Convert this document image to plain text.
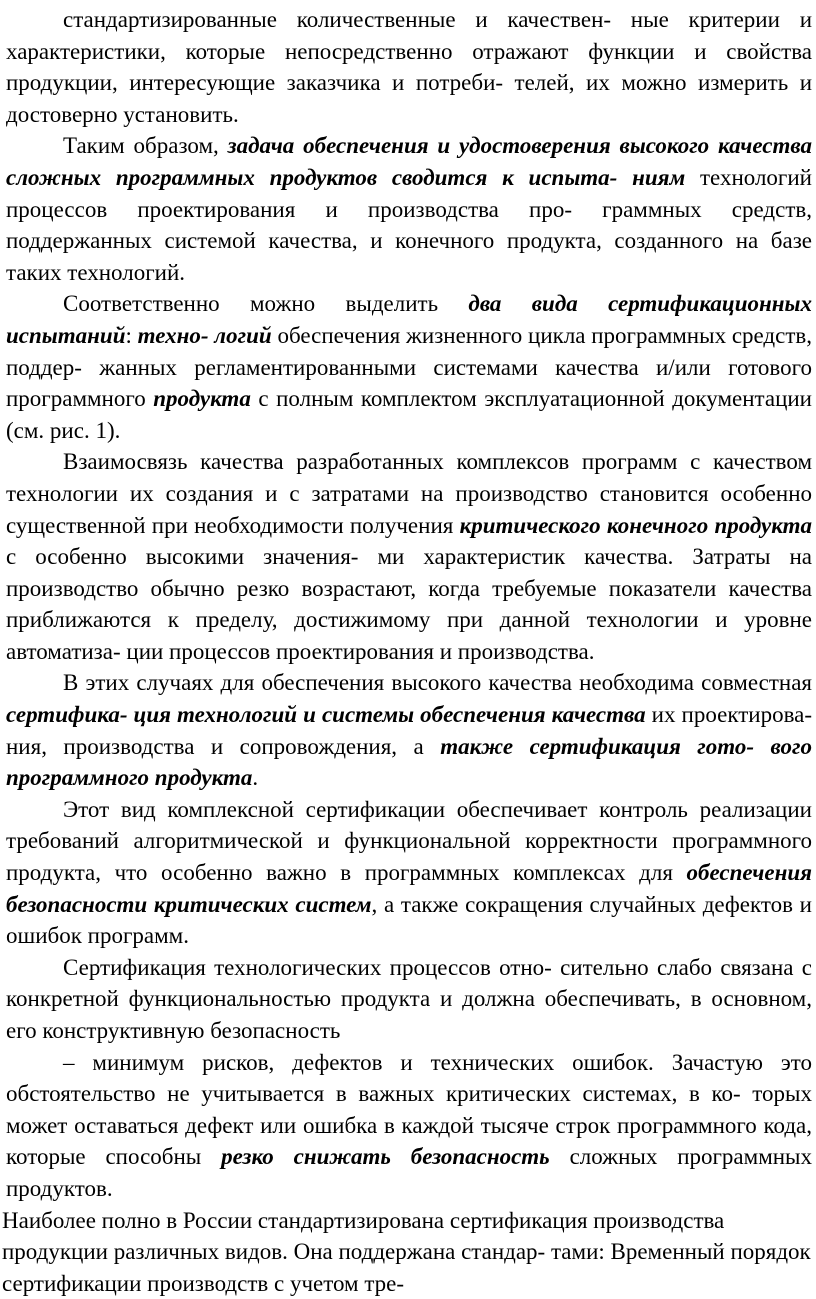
стандартизированные количественные и качествен- ные критерии и характеристики, которые непосредственно отражают функции и свойства продукции, интересующие заказчика и потреби- телей, их можно измерить и достоверно установить.

Таким образом, задача обеспечения и удостоверения высокого качества сложных программных продуктов сводится к испыта- ниям технологий процессов проектирования и производства про- граммных средств, поддержанных системой качества, и конечного продукта, созданного на базе таких технологий.

Соответственно можно выделить два вида сертификационных испытаний: техно- логий обеспечения жизненного цикла программных средств, поддер- жанных регламентированными системами качества и/или готового программного продукта с полным комплектом эксплуатационной документации (см. рис. 1).

Взаимосвязь качества разработанных комплексов программ с качеством технологии их создания и с затратами на производство становится особенно существенной при необходимости получения критического конечного продукта с особенно высокими значения- ми характеристик качества. Затраты на производство обычно резко возрастают, когда требуемые показатели качества приближаются к пределу, достижимому при данной технологии и уровне автоматиза- ции процессов проектирования и производства.

В этих случаях для обеспечения высокого качества необходима совместная сертифика- ция технологий и системы обеспечения качества их проектирова- ния, производства и сопровождения, а также сертификация гото- вого программного продукта.

Этот вид комплексной сертификации обеспечивает контроль реализации требований алгоритмической и функциональной корректности программного продукта, что особенно важно в программных комплексах для обеспечения безопасности критических систем, а также сокращения случайных дефектов и ошибок программ.

Сертификация технологических процессов отно- сительно слабо связана с конкретной функциональностью продукта и должна обеспечивать, в основном, его конструктивную безопасность

– минимум рисков, дефектов и технических ошибок. Зачастую это обстоятельство не учитывается в важных критических системах, в ко- торых может оставаться дефект или ошибка в каждой тысяче строк программного кода, которые способны резко снижать безопасность сложных программных продуктов.

Наиболее полно в России стандартизирована сертификация производства продукции различных видов. Она поддержана стандар- тами: Временный порядок сертификации производств с учетом тре-
